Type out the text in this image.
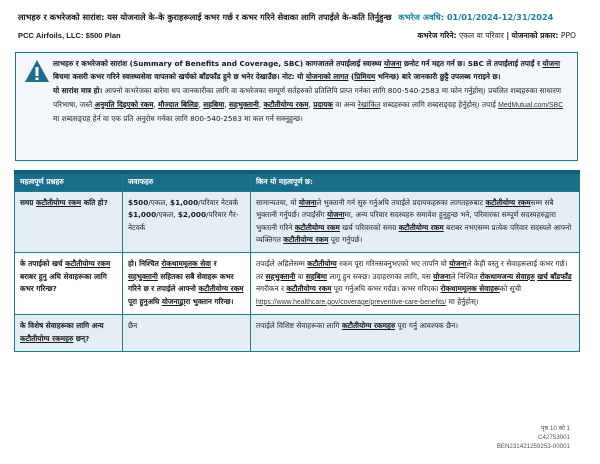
लाभहरु र कभरेजको सारांश: यस योजनाले के-के कुराहरूलाई कभर गर्छ र कभर गरिने सेवाका लागि तपाईले के-कति तिर्नुहुन्छ कभरेज अवधि: 01/01/2024-12/31/2024
PCC Airfoils, LLC: $500 Plan	कभरेज गरिने: एकल वा परिवार | योजनाको प्रकार: PPO

लाभहरु र कभरेजको सारांश (Summary of Benefits and Coverage, SBC) कागजातले तपाईलाई स्वास्थ्य योजना छनोट गर्न मद्दत गर्न छ। SBC ले तपाईंलाई तपाईं र योजना बिचमा कसरी कभर गरिने स्वास्थ्यसेवा वापतको खर्चको बाँडफाँड हुने छ भनेर देखाउँछ। नोट: यो योजनाको लागत (प्रिमियम भनिन्छ) बारे जानकारी छुट्टै उपलब्ध गराइने छ।

यो सारांश मात्र हो। आफ्नो कभरेजका बारेमा थप जानकारीका लागि वा कभरेजका सम्पूर्ण सर्तहरुको प्रतिलिपि प्राप्त गर्नका लागि 800-540-2583 मा फोन गर्नुहोस्। प्रचलित शब्दहरुका साधारण परिभाषा, जस्तै अनुमति दिइएको रकम, मौज्दात बिलिङ, सहबिमा, सहभुक्तानी, कटौतीयोग्य रकम, प्रदायक वा अन्य रेखांकित शब्दहरुका लागि शब्दसङ्ग्रह हेर्नुहोस्। तपाई MedMutual.com/SBC मा शब्दसङ्ग्रह हेर्न वा एक प्रति अनुरोध गर्नका लागि 800-540-2583 मा कल गर्न सक्नुहुन्छ।

महत्वपूर्ण प्रश्नहरु	जवाफहरु	किन यो महत्वपूर्ण छ:
समग्र कटौतीयोग्य रकम कति हो?	$500/एकल, $1,000/परिवार नेटवर्क $1,000/एकल, $2,000/परिवार गैर-नेटवर्क	सामान्यतया, यो योजनाले भुक्तानी गर्न सुरु गर्नुअघि तपाईंले प्रदायकहरुका लागतहरुबाट कटौतीयोग्य रकमसम्म सबै भुक्तानी गर्नुपर्छ। तपाईंसँग योजनामा, अन्य परिवार सदस्यहरु समावेश हुनुहुन्छ भने, परिवारका सम्पूर्ण सदस्यहरुद्वारा भुक्तानी गरिने कटौतीयोग्य रकम खर्च परिवारको समग्र कटौतीयोग्य रकम बराबर नभएसम्म प्रत्येक परिवार सदस्यले आफ्नो व्यक्तिगत कटौतीयोग्य रकम पूरा गर्नुपर्छ।
के तपाईको खर्च कटौतीयोग्य रकम बराबर हुनु अघि सेवाहरूका लागि कभर गरिन्छ?	हो। निश्चित रोकथाममूलक सेवा र सहभुक्तानी सहितका सबै सेवाहरू कभर गरिने छ र तपाईले आफ्नो कटौतीयोग्य रकम पूरा हुनुअघि योजनाद्वारा भुक्तान गरिन्छ।	तपाईले अहिलेसम्म कटौतीयोग्य रकम पूरा गरिनसक्नुभएको भए तापनि यो योजनाले केही वस्तु र सेवाहरूलाई कभर गर्छ। तर सहभुक्तानी वा सहबिमा लागू हुन सक्छ। उदाहरणका लागि, यस योजनाले निश्चित रोकथामजन्य सेवाहरु खर्च बाँडफाँड नगरीकन र कटौतीयोग्य रकम पूरा गर्नुअघि कभर गर्दछ। कभर गरिएका रोकथाममूलक सेवाहरूको सूची https://www.healthcare.gov/coverage/preventive-care-benefits/ मा हेर्नुहोस्।
के विशेष सेवाहरूका लागि अन्य कटौतीयोग्य रकमहरु छन्?	छैन	तपाईले विशिष्ट सेवाहरूका लागि कटौतीयोग्य रकमहरु पूरा गर्नु आवश्यक छैन।
पृष्ठ 10 को 1
C42753001
BEN231421259253-00001
